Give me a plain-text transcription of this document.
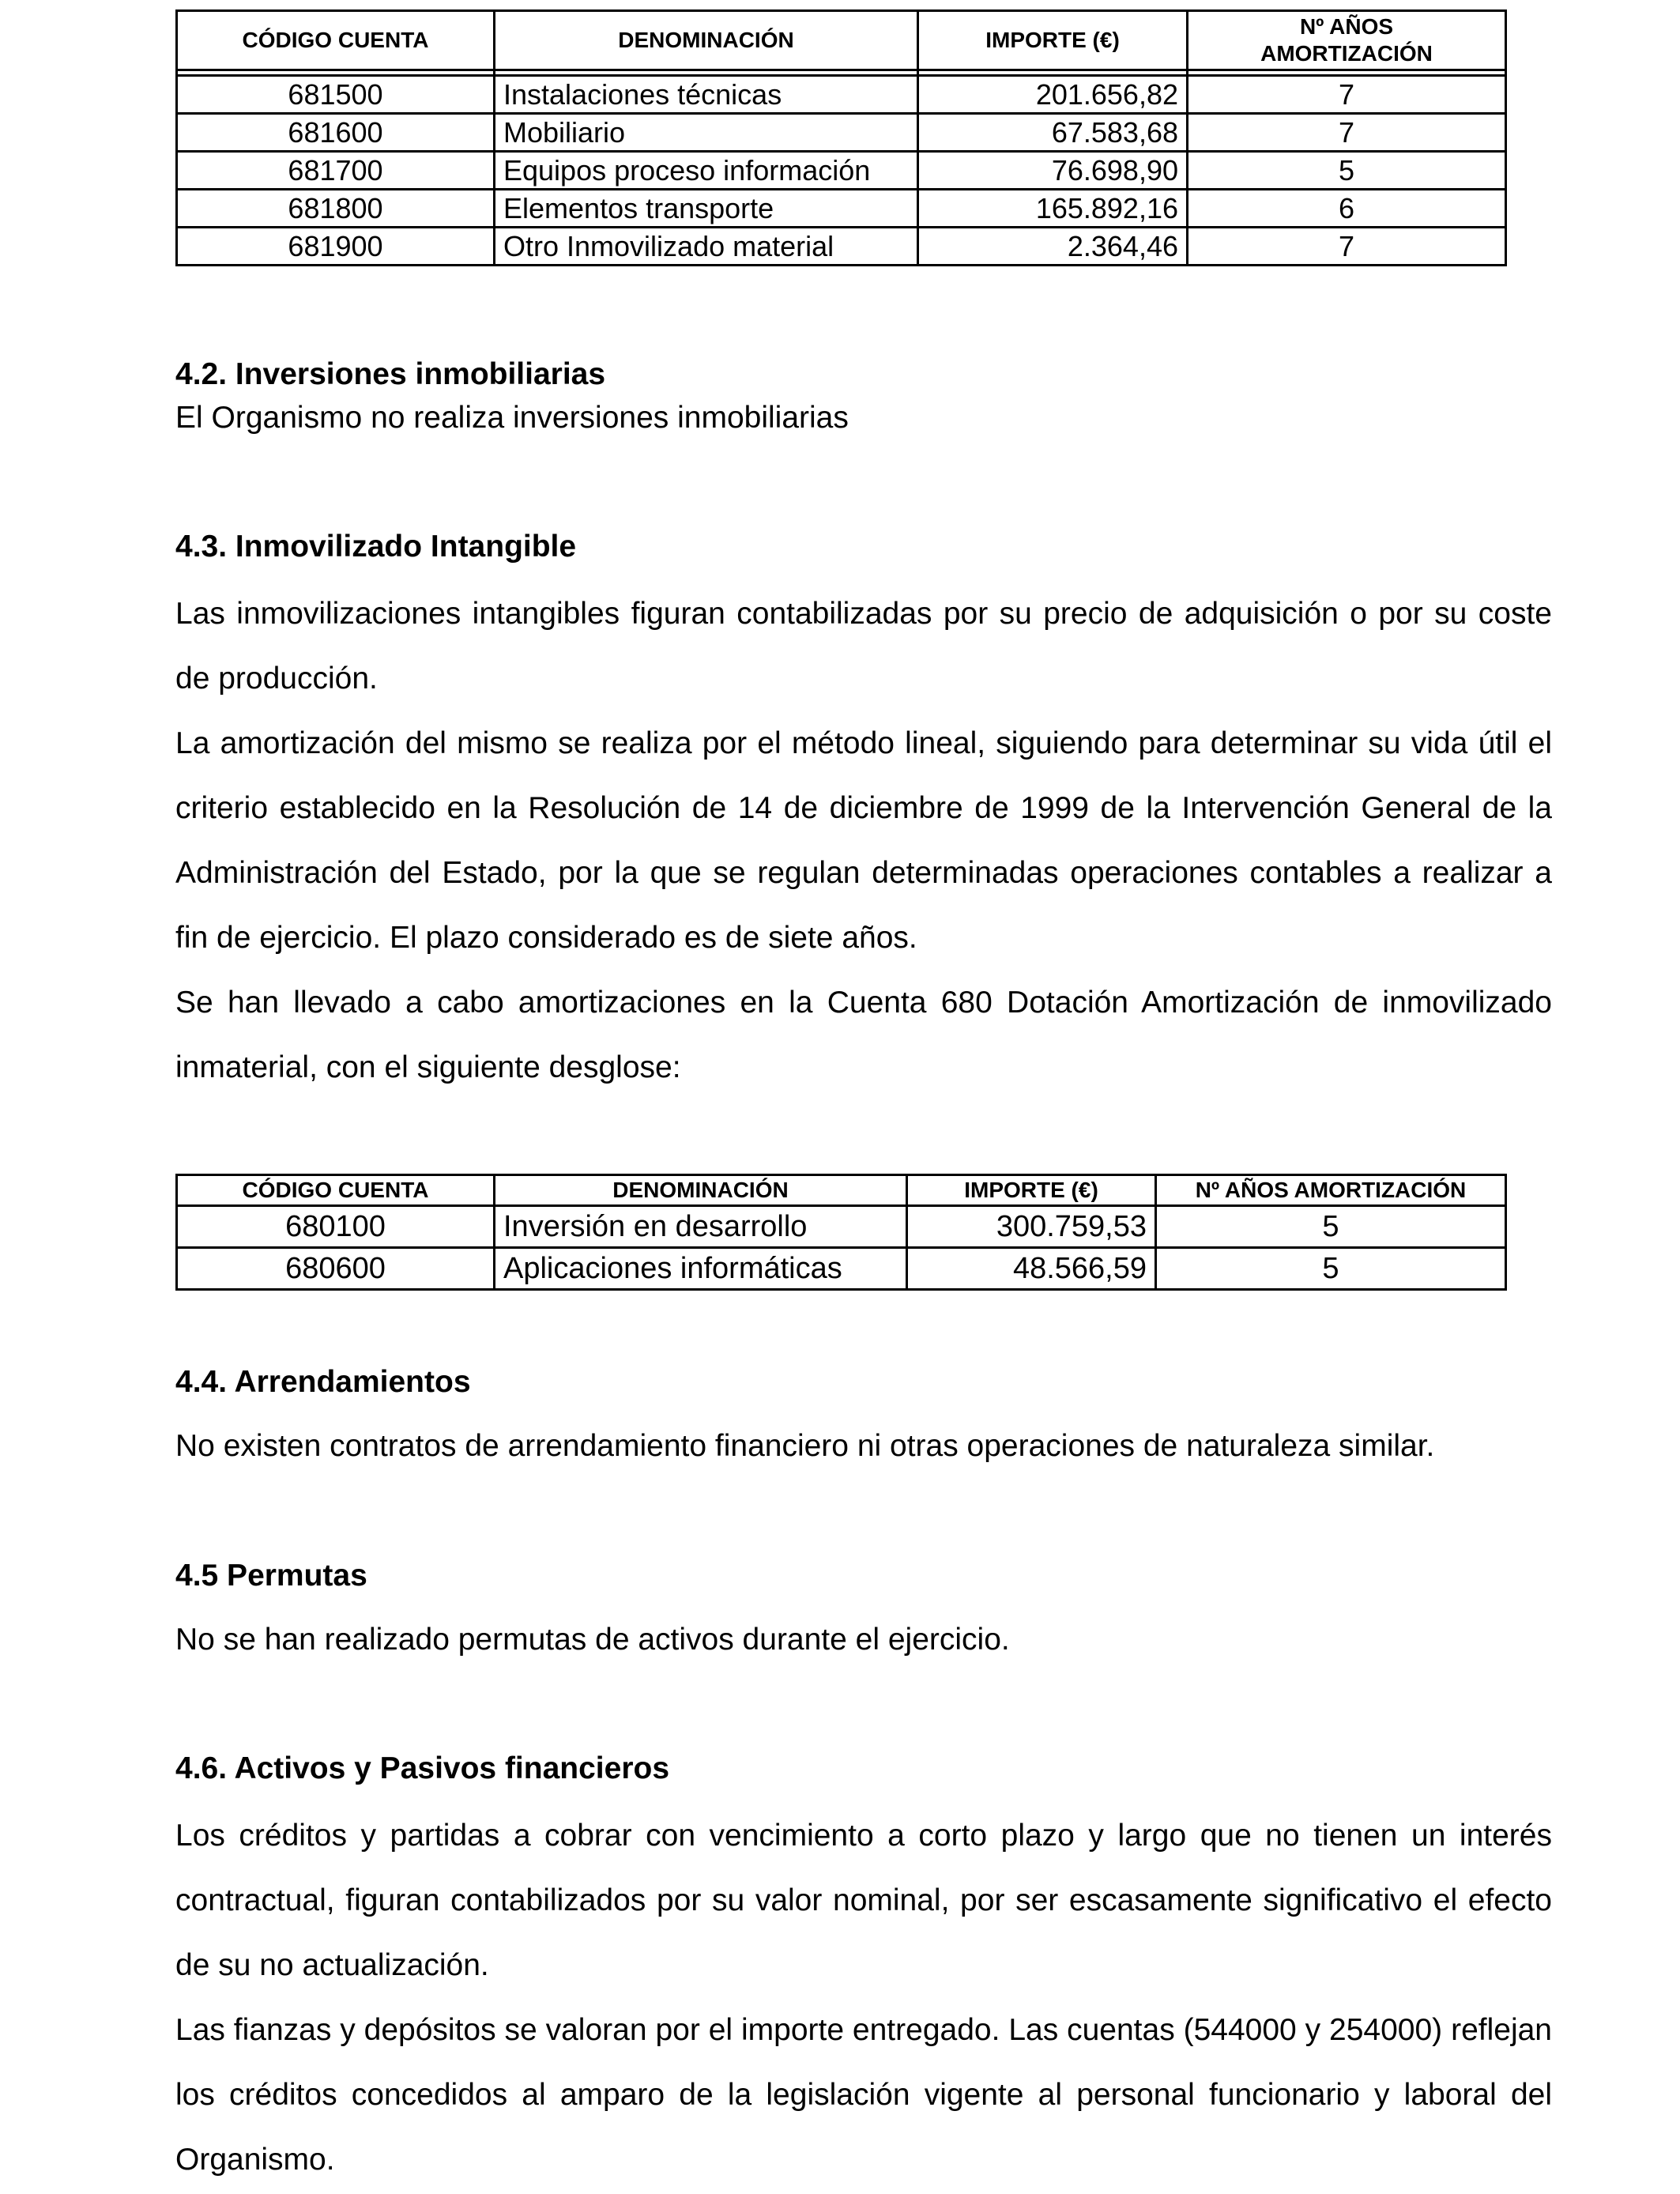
CÓDIGO CUENTA	DENOMINACIÓN	IMPORTE (€)	Nº AÑOS
AMORTIZACIÓN

681500	Instalaciones técnicas	201.656,82	7
681600	Mobiliario	67.583,68	7
681700	Equipos proceso información	76.698,90	5
681800	Elementos transporte	165.892,16	6
681900	Otro Inmovilizado material	2.364,46	7
4.2. Inversiones inmobiliarias

El Organismo no realiza inversiones inmobiliarias

4.3. Inmovilizado Intangible

Las inmovilizaciones intangibles figuran contabilizadas por su precio de adquisición o por su coste de producción.

La amortización del mismo se realiza por el método lineal, siguiendo para determinar su vida útil el criterio establecido en la Resolución de 14 de diciembre de 1999 de la Intervención General de la Administración del Estado, por la que se regulan determinadas operaciones contables a realizar a fin de ejercicio. El plazo considerado es de siete años.

Se han llevado a cabo amortizaciones en la Cuenta 680 Dotación Amortización de inmovilizado inmaterial, con el siguiente desglose:

CÓDIGO CUENTA	DENOMINACIÓN	IMPORTE (€)	Nº AÑOS AMORTIZACIÓN
680100	Inversión en desarrollo	300.759,53	5
680600	Aplicaciones informáticas	48.566,59	5
4.4. Arrendamientos

No existen contratos de arrendamiento financiero ni otras operaciones de naturaleza similar.

4.5 Permutas

No se han realizado permutas de activos durante el ejercicio.

4.6. Activos y Pasivos financieros

Los créditos y partidas a cobrar con vencimiento a corto plazo y largo que no tienen un interés contractual, figuran contabilizados por su valor nominal, por ser escasamente significativo el efecto de su no actualización.

Las fianzas y depósitos se valoran por el importe entregado. Las cuentas (544000 y 254000) reflejan los créditos concedidos al amparo de la legislación vigente al personal funcionario y laboral del Organismo.
